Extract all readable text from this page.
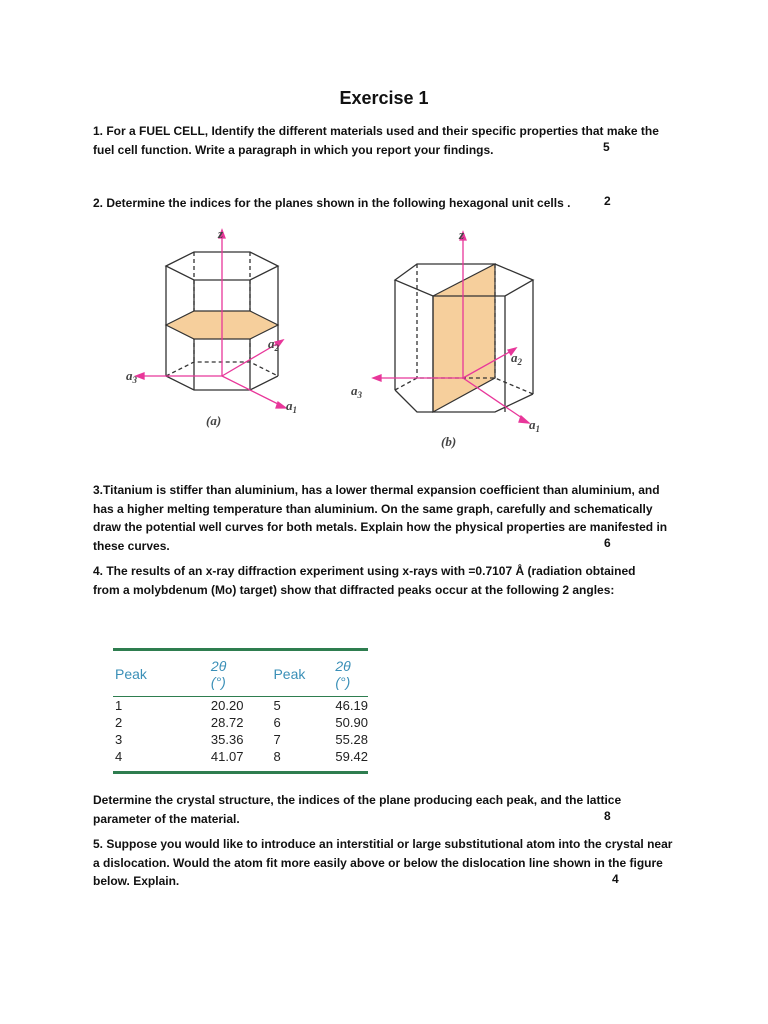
Exercise 1
1. For a FUEL CELL, Identify the different materials used and their specific properties that make the fuel cell function. Write a paragraph in which you report your findings.	5
2. Determine the indices for the planes shown in the following hexagonal unit cells .	2
z
$a_2$
$a_3$
$a_1$
(a)
z
$a_2$
$a_3$
$a_1$
(b)
3.Titanium is stiffer than aluminium, has a lower thermal expansion coefficient than aluminium, and has a higher melting temperature than aluminium. On the same graph, carefully and schematically draw the potential well curves for both metals. Explain how the physical properties are manifested in these curves.	6
4. The results of an x-ray diffraction experiment using x-rays with =0.7107 Å (radiation obtained from a molybdenum (Mo) target) show that diffracted peaks occur at the following 2 angles:
Peak	2θ (°)	Peak	2θ (°)
1	20.20	5	46.19
2	28.72	6	50.90
3	35.36	7	55.28
4	41.07	8	59.42
Determine the crystal structure, the indices of the plane producing each peak, and the lattice parameter of the material.	8
5. Suppose you would like to introduce an interstitial or large substitutional atom into the crystal near a dislocation. Would the atom fit more easily above or below the dislocation line shown in the figure below. Explain.	4
